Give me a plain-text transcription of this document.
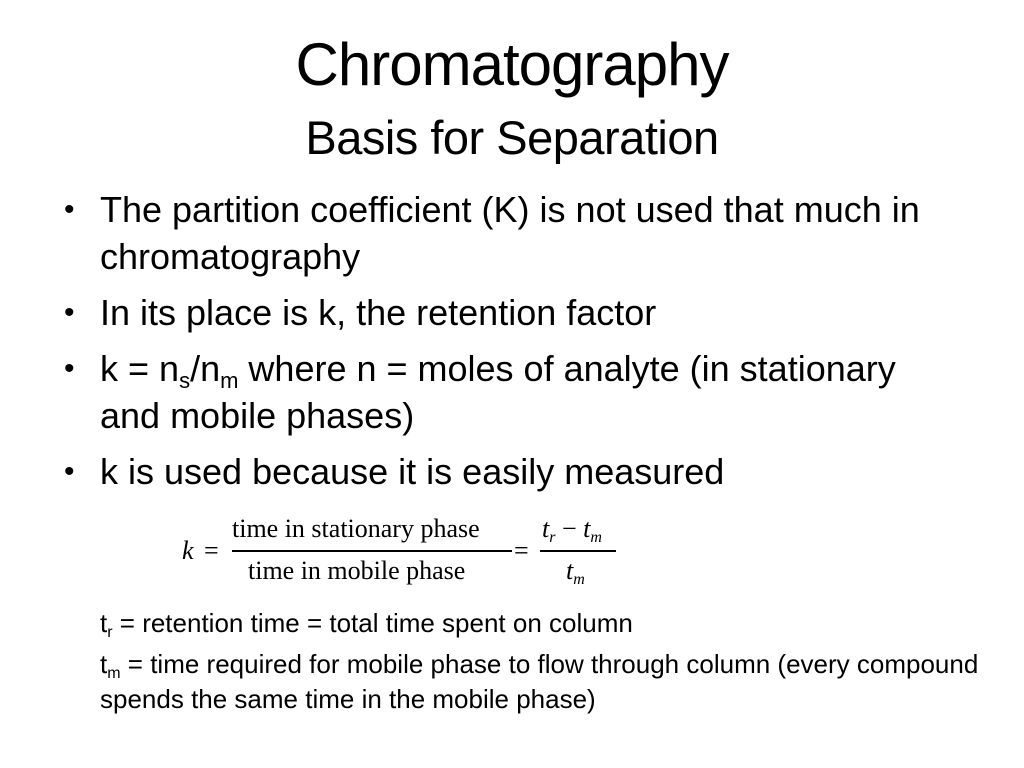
Chromatography
Basis for Separation
• The partition coefficient (K) is not used that much in chromatography
• In its place is k, the retention factor
• $k = n_s/n_m$ where n = moles of analyte (in stationary and mobile phases)
• k is used because it is easily measured
k =
time in stationary phase
time in mobile phase
=
$t_r - t_m$
$t_m$
$t_r$ = retention time = total time spent on column
$t_m$ = time required for mobile phase to flow through column (every compound spends the same time in the mobile phase)
